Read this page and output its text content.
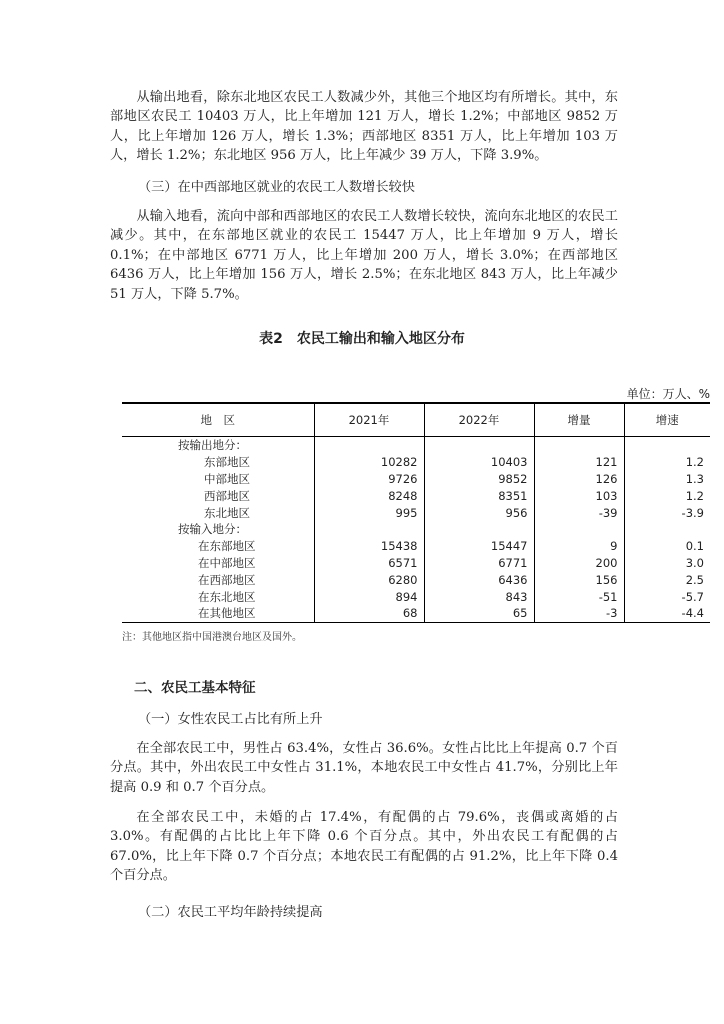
从输出地看，除东北地区农民工人数减少外，其他三个地区均有所增长。其中，东部地区农民工 10403 万人，比上年增加 121 万人，增长 1.2%；中部地区 9852 万人，比上年增加 126 万人，增长 1.3%；西部地区 8351 万人，比上年增加 103 万人，增长 1.2%；东北地区 956 万人，比上年减少 39 万人，下降 3.9%。

（三）在中西部地区就业的农民工人数增长较快

从输入地看，流向中部和西部地区的农民工人数增长较快，流向东北地区的农民工减少。其中，在东部地区就业的农民工 15447 万人，比上年增加 9 万人，增长 0.1%；在中部地区 6771 万人，比上年增加 200 万人，增长 3.0%；在西部地区 6436 万人，比上年增加 156 万人，增长 2.5%；在东北地区 843 万人，比上年减少 51 万人，下降 5.7%。

表2　农民工输出和输入地区分布

单位：万人、%
地　区	2021年	2022年	增量	增速
按输出地分：				
东部地区	10282	10403	121	1.2
中部地区	9726	9852	126	1.3
西部地区	8248	8351	103	1.2
东北地区	995	956	-39	-3.9
按输入地分：				
在东部地区	15438	15447	9	0.1
在中部地区	6571	6771	200	3.0
在西部地区	6280	6436	156	2.5
在东北地区	894	843	-51	-5.7
在其他地区	68	65	-3	-4.4
注：其他地区指中国港澳台地区及国外。

二、农民工基本特征

（一）女性农民工占比有所上升

在全部农民工中，男性占 63.4%，女性占 36.6%。女性占比比上年提高 0.7 个百分点。其中，外出农民工中女性占 31.1%，本地农民工中女性占 41.7%，分别比上年提高 0.9 和 0.7 个百分点。

在全部农民工中，未婚的占 17.4%，有配偶的占 79.6%，丧偶或离婚的占 3.0%。有配偶的占比比上年下降 0.6 个百分点。其中，外出农民工有配偶的占 67.0%，比上年下降 0.7 个百分点；本地农民工有配偶的占 91.2%，比上年下降 0.4 个百分点。

（二）农民工平均年龄持续提高
